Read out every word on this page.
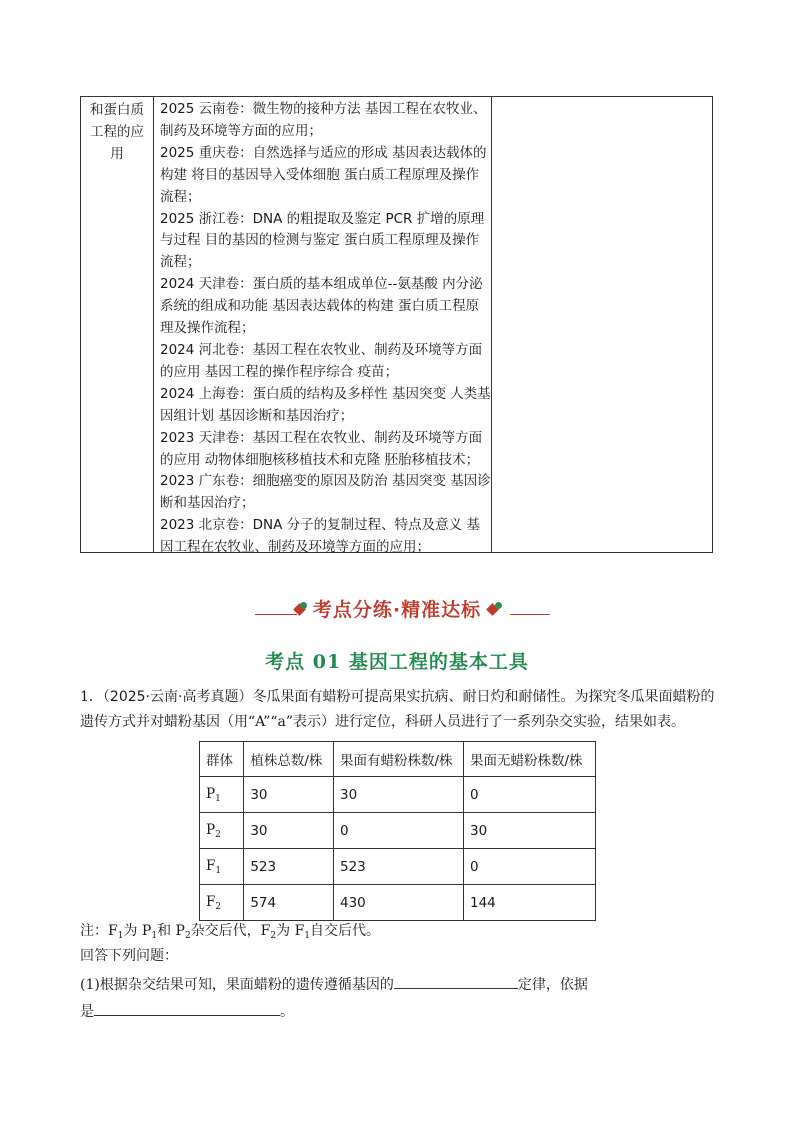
和蛋白质工程的应用

2025 云南卷：微生物的接种方法 基因工程在农牧业、制药及环境等方面的应用；

2025 重庆卷：自然选择与适应的形成 基因表达载体的构建 将目的基因导入受体细胞 蛋白质工程原理及操作流程；

2025 浙江卷：DNA 的粗提取及鉴定 PCR 扩增的原理与过程 目的基因的检测与鉴定 蛋白质工程原理及操作流程；

2024 天津卷：蛋白质的基本组成单位--氨基酸 内分泌系统的组成和功能 基因表达载体的构建 蛋白质工程原理及操作流程；

2024 河北卷：基因工程在农牧业、制药及环境等方面的应用 基因工程的操作程序综合 疫苗；

2024 上海卷：蛋白质的结构及多样性 基因突变 人类基因组计划 基因诊断和基因治疗；

2023 天津卷：基因工程在农牧业、制药及环境等方面的应用 动物体细胞核移植技术和克隆 胚胎移植技术；

2023 广东卷：细胞癌变的原因及防治 基因突变 基因诊断和基因治疗；

2023 北京卷：DNA 分子的复制过程、特点及意义 基因工程在农牧业、制药及环境等方面的应用；

考点分练·精准达标
考点 01 基因工程的基本工具
1．（2025·云南·高考真题）冬瓜果面有蜡粉可提高果实抗病、耐日灼和耐储性。为探究冬瓜果面蜡粉的遗传方式并对蜡粉基因（用“A”“a”表示）进行定位，科研人员进行了一系列杂交实验，结果如表。
群体	植株总数/株	果面有蜡粉株数/株	果面无蜡粉株数/株
$P_1$	30	30	0
$P_2$	30	0	30
$F_1$	523	523	0
$F_2$	574	430	144
注：$F_1$为 $P_1$和 $P_2$杂交后代，$F_2$为 $F_1$自交后代。
回答下列问题：
(1)根据杂交结果可知，果面蜡粉的遗传遵循基因的	定律，依据
是	。
